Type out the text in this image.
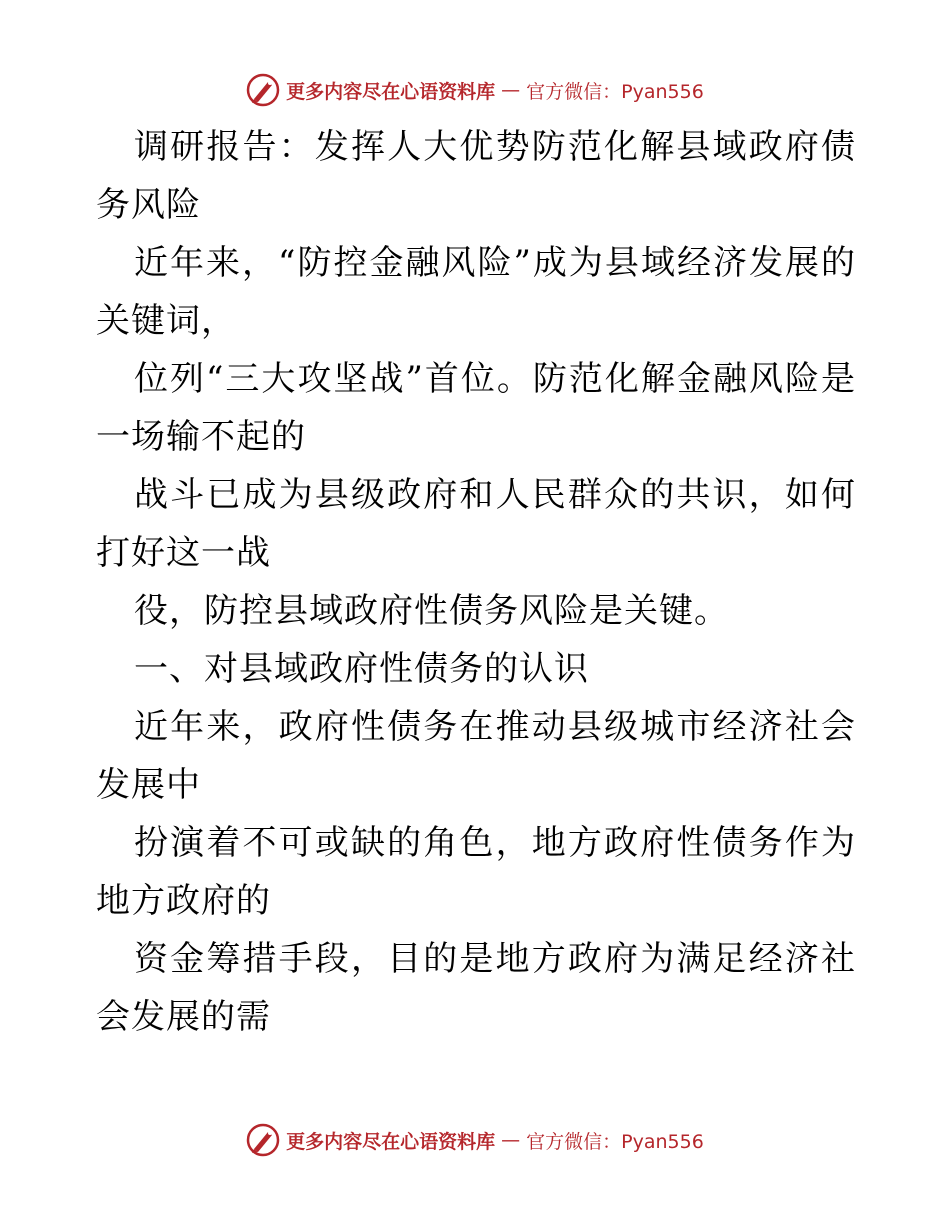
更多内容尽在心语资料库 — 官方微信：Pyan556

调研报告：发挥人大优势防范化解县域政府债务风险

近年来，“防控金融风险”成为县域经济发展的关键词，

位列“三大攻坚战”首位。防范化解金融风险是一场输不起的

战斗已成为县级政府和人民群众的共识，如何打好这一战

役，防控县域政府性债务风险是关键。

一、对县域政府性债务的认识

近年来，政府性债务在推动县级城市经济社会发展中

扮演着不可或缺的角色，地方政府性债务作为地方政府的

资金筹措手段，目的是地方政府为满足经济社会发展的需

更多内容尽在心语资料库 — 官方微信：Pyan556
